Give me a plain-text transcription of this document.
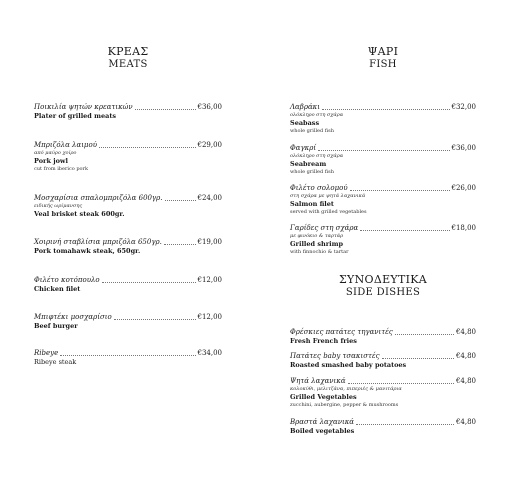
ΚΡΕΑΣ
MEATS
Ποικιλία ψητών κρεατικών	€36,00
Plater of grilled meats
Μπριζόλα λαιμού	€29,00
από μαύρο χοίρο
Pork jowl
cut from iberico pork
Μοσχαρίσια σπαλομπριζόλα 600γρ.	€24,00
ειδικής ωρίμανσης
Veal brisket steak 600gr.
Χοιρινή σταβλίσια μπριζόλα 650γρ.	€19,00
Pork tomahawk steak, 650gr.
Φιλέτο κοτόπουλο	€12,00
Chicken filet
Μπιφτέκι μοσχαρίσιο	€12,00
Beef burger
Ribeye	€34,00
Ribeye steak
ΨΑΡΙ
FISH
Λαβράκι	€32,00
ολόκληρο στη σχάρα
Seabass
whole grilled fish
Φαγκρί	€36,00
ολόκληρο στη σχάρα
Seabream
whole grilled fish
Φιλέτο σολομού	€26,00
στη σχάρα με ψητά λαχανικά
Salmon filet
served with grilled vegetables
Γαρίδες στη σχάρα	€18,00
με φινόκιο & ταρτάρ
Grilled shrimp
with finnochio & tartar
ΣΥΝΟΔΕΥΤΙΚΑ
SIDE DISHES
Φρέσκιες πατάτες τηγανιτές	€4,80
Fresh French fries
Πατάτες baby τσακιστές	€4,80
Roasted smashed baby potatoes
Ψητά λαχανικά	€4,80
κολοκύθι, μελιτζάνα, πιπεριές & μανιτάρια
Grilled Vegetables
zucchini, aubergine, pepper & mushrooms
Βραστά λαχανικά	€4,80
Boiled vegetables
